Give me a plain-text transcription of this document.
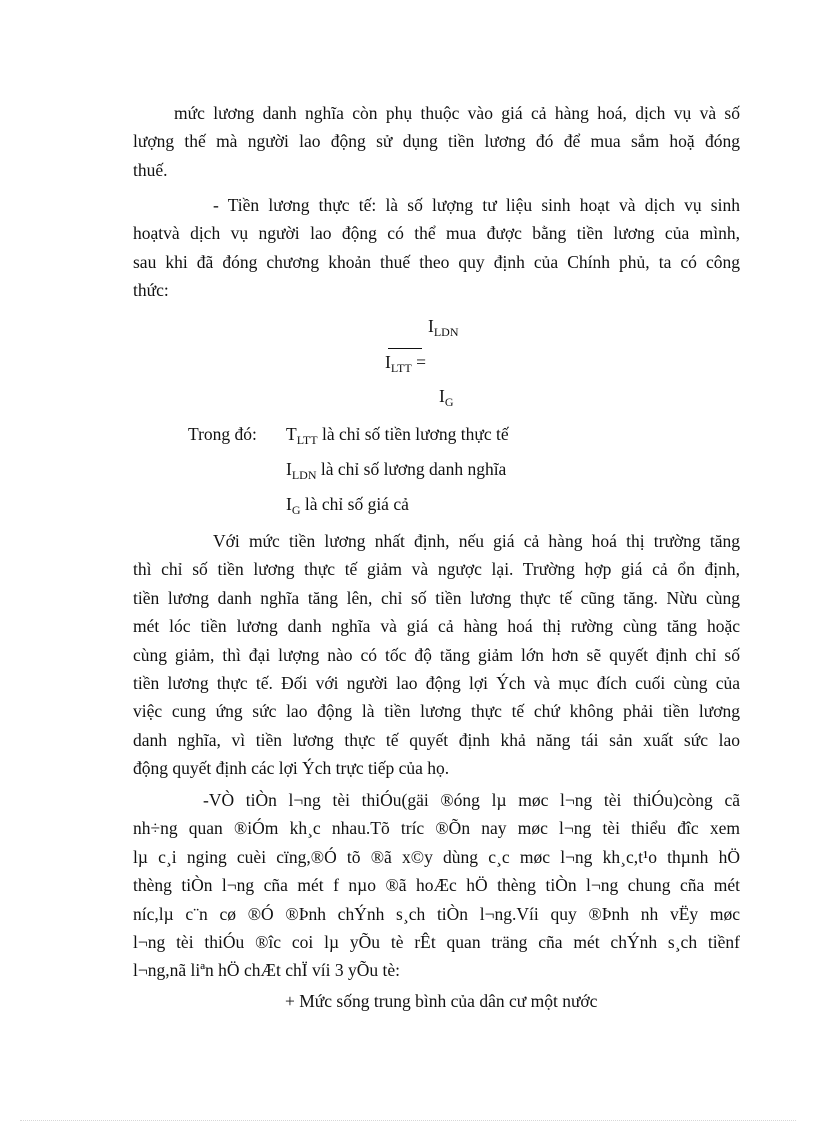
mức lương danh nghĩa còn phụ thuộc vào giá cả hàng hoá, dịch vụ và số
lượng thế mà người lao động sử dụng tiền lương đó để mua sắm hoặ đóng
thuế.
- Tiền lương thực tế: là số lượng tư liệu sinh hoạt và dịch vụ sinh
hoạtvà dịch vụ người lao động có thể mua được bằng tiền lương của mình,
sau khi đã đóng chương khoản thuế theo quy định của Chính phủ, ta có công
thức:

$I_{LDN}$

$I_{LTT}$ =

$I_G$

Trong đó: $T_{LTT}$ là chỉ số tiền lương thực tế

$I_{LDN}$ là chỉ số lương danh nghĩa

$I_G$ là chỉ số giá cả

Với mức tiền lương nhất định, nếu giá cả hàng hoá thị trường tăng
thì chỉ số tiền lương thực tế giảm và ngược lại. Trường hợp giá cả ổn định,
tiền lương danh nghĩa tăng lên, chỉ số tiền lương thực tế cũng tăng. Nừu cùng
mét lóc tiền lương danh nghĩa và giá cả hàng hoá thị rường cùng tăng hoặc
cùng giảm, thì đại lượng nào có tốc độ tăng giảm lớn hơn sẽ quyết định chỉ số
tiền lương thực tế. Đối với người lao động lợi Ých và mục đích cuối cùng của
việc cung ứng sức lao động là tiền lương thực tế chứ không phải tiền lương
danh nghĩa, vì tiền lương thực tế quyết định khả năng tái sản xuất sức lao
động quyết định các lợi Ých trực tiếp của họ.
-VÒ tiÒn l¬ng tèi thiÓu(gäi ®óng lµ møc l¬ng tèi thiÓu)còng cã
nh÷ng quan ®iÓm kh¸c nhau.Tõ tríc ®Õn nay møc l¬ng tèi thiểu đîc xem
lµ c¸i nging cuèi cïng,®Ó tõ ®ã x©y dùng c¸c møc l¬ng kh¸c,t¹o thµnh hÖ
thèng tiÒn l¬ng cña mét f nµo ®ã hoÆc hÖ thèng tiÒn l¬ng chung cña mét
níc,lµ c¨n cø ®Ó ®Þnh chÝnh s¸ch tiÒn l¬ng.Víi quy ®Þnh nh vËy møc
l¬ng tèi thiÓu ®îc coi lµ yÕu tè rÊt quan träng cña mét chÝnh s¸ch tiềnf
l¬ng,nã liªn hÖ chÆt chÏ víi 3 yÕu tè:

+ Mức sống trung bình của dân cư một nước
